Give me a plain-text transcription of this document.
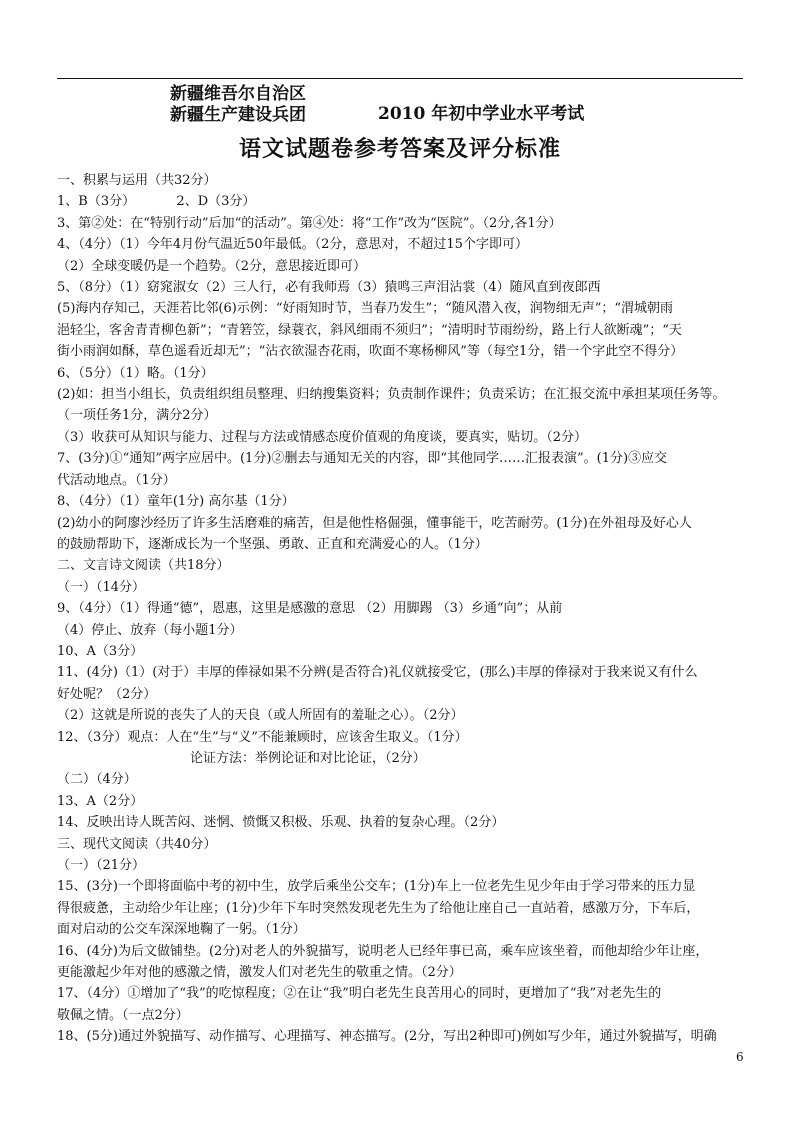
新疆维吾尔自治区
新疆生产建设兵团	2010 年初中学业水平考试
语文试题卷参考答案及评分标准
一、积累与运用（共32分）
1、B（3分）          2、D（3分）
3、第②处：在“特别行动”后加“的活动”。第④处：将“工作”改为“医院”。（2分,各1分）
4、（4分）（1）今年4月份气温近50年最低。（2分，意思对，不超过15个字即可）
（2）全球变暖仍是一个趋势。（2分，意思接近即可）
5、（8分）（1）窈窕淑女（2）三人行，必有我师焉（3）猿鸣三声泪沾裳（4）随风直到夜郎西
(5)海内存知己，天涯若比邻(6)示例：“好雨知时节，当春乃发生”；“随风潜入夜，润物细无声”；“渭城朝雨
浥轻尘，客舍青青柳色新”；“青箬笠，绿蓑衣，斜风细雨不须归”；“清明时节雨纷纷，路上行人欲断魂”；“天
街小雨润如酥，草色遥看近却无”；“沾衣欲湿杏花雨，吹面不寒杨柳风”等（每空1分，错一个字此空不得分）
6、（5分）（1）略。（1分）
(2)如：担当小组长，负责组织组员整理、归纳搜集资料；负责制作课件；负责采访；在汇报交流中承担某项任务等。
（一项任务1分，满分2分）
（3）收获可从知识与能力、过程与方法或情感态度价值观的角度谈，要真实，贴切。（2分）
7、(3分)①“通知”两字应居中。(1分)②删去与通知无关的内容，即“其他同学……汇报表演”。(1分)③应交
代活动地点。（1分）
8、（4分）（1）童年(1分) 高尔基（1分）
(2)幼小的阿廖沙经历了许多生活磨难的痛苦，但是他性格倔强，懂事能干，吃苦耐劳。(1分)在外祖母及好心人
的鼓励帮助下，逐渐成长为一个坚强、勇敢、正直和充满爱心的人。（1分）
二、文言诗文阅读（共18分）
（一）（14分）
9、（4分）（1）得通“德”，恩惠，这里是感激的意思 （2）用脚踢 （3）乡通“向”；从前
（4）停止、放弃（每小题1分）
10、A（3分）
11、(4分)（1）(对于）丰厚的俸禄如果不分辨(是否符合)礼仪就接受它，(那么)丰厚的俸禄对于我来说又有什么
好处呢？（2分）
（2）这就是所说的丧失了人的天良（或人所固有的羞耻之心）。（2分）
12、（3分）观点：人在“生”与“义”不能兼顾时，应该舍生取义。（1分）
论证方法：举例论证和对比论证，（2分）
（二）（4分）
13、A（2分）
14、反映出诗人既苦闷、迷惘、愤慨又积极、乐观、执着的复杂心理。（2分）
三、现代文阅读（共40分）
（一）（21分）
15、(3分)一个即将面临中考的初中生，放学后乘坐公交车；(1分)车上一位老先生见少年由于学习带来的压力显
得很疲惫，主动给少年让座；(1分)少年下车时突然发现老先生为了给他让座自己一直站着，感激万分，下车后，
面对启动的公交车深深地鞠了一躬。（1分）
16、(4分)为后文做铺垫。(2分)对老人的外貌描写，说明老人已经年事已高，乘车应该坐着，而他却给少年让座，
更能激起少年对他的感激之情，激发人们对老先生的敬重之情。（2分）
17、（4分）①增加了“我”的吃惊程度；②在让“我”明白老先生良苦用心的同时，更增加了“我”对老先生的
敬佩之情。（一点2分）
18、(5分)通过外貌描写、动作描写、心理描写、神态描写。(2分，写出2种即可)例如写少年，通过外貌描写，明确
6
